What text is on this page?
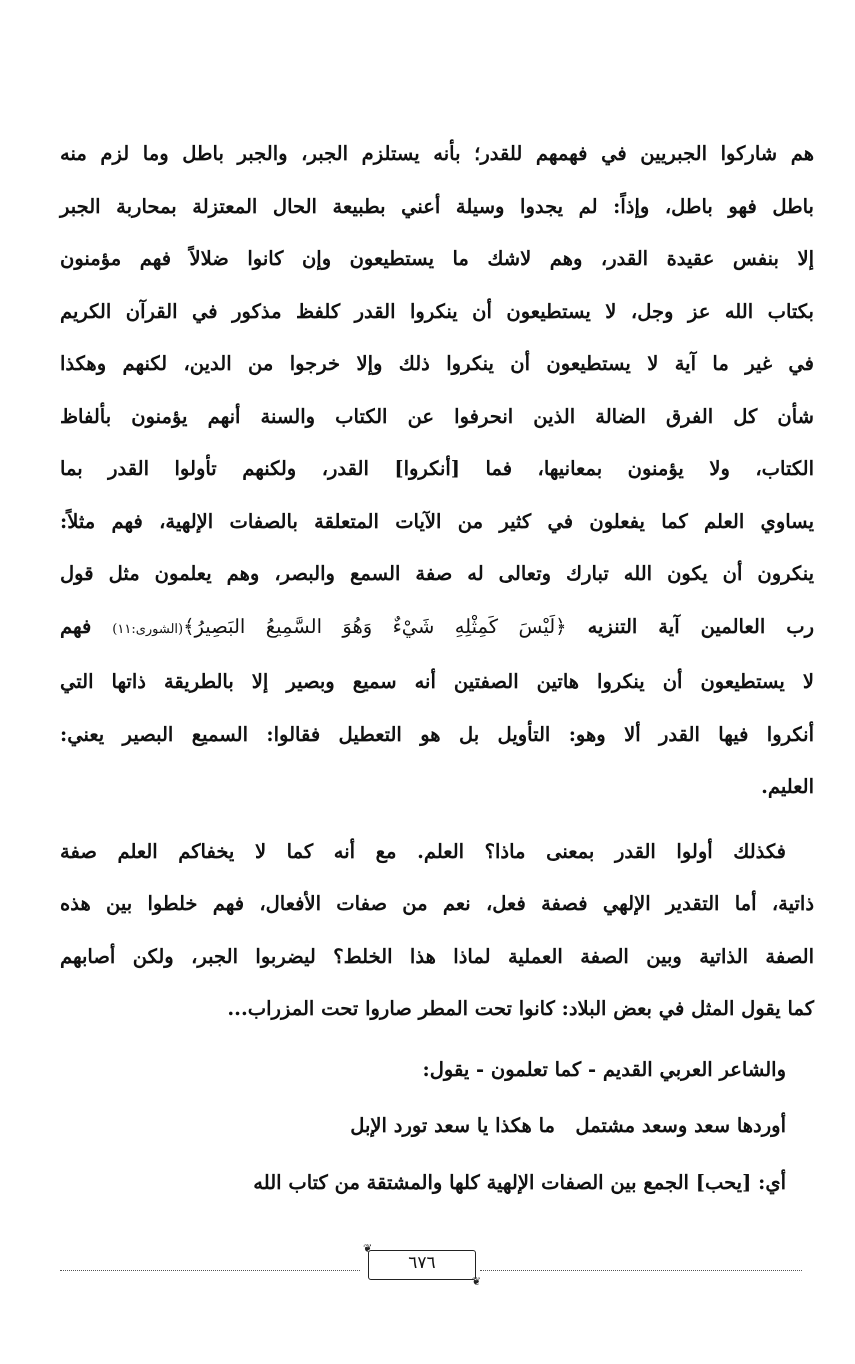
هم شاركوا الجبريين في فهمهم للقدر؛ بأنه يستلزم الجبر، والجبر باطل وما لزم منه
باطل فهو باطل، وإذاً: لم يجدوا وسيلة أعني بطبيعة الحال المعتزلة بمحاربة الجبر
إلا بنفس عقيدة القدر، وهم لاشك ما يستطيعون وإن كانوا ضلالاً فهم مؤمنون
بكتاب الله عز وجل، لا يستطيعون أن ينكروا القدر كلفظ مذكور في القرآن الكريم
في غير ما آية لا يستطيعون أن ينكروا ذلك وإلا خرجوا من الدين، لكنهم وهكذا
شأن كل الفرق الضالة الذين انحرفوا عن الكتاب والسنة أنهم يؤمنون بألفاظ
الكتاب، ولا يؤمنون بمعانيها، فما [أنكروا] القدر، ولكنهم تأولوا القدر بما
يساوي العلم كما يفعلون في كثير من الآيات المتعلقة بالصفات الإلهية، فهم مثلاً:
ينكرون أن يكون الله تبارك وتعالى له صفة السمع والبصر، وهم يعلمون مثل قول
رب العالمين آية التنزيه ﴿لَيْسَ كَمِثْلِهِ شَيْءٌ وَهُوَ السَّمِيعُ البَصِيرُ﴾(الشورى:١١) فهم
لا يستطيعون أن ينكروا هاتين الصفتين أنه سميع وبصير إلا بالطريقة ذاتها التي
أنكروا فيها القدر ألا وهو: التأويل بل هو التعطيل فقالوا: السميع البصير يعني:
العليم.

فكذلك أولوا القدر بمعنى ماذا؟ العلم. مع أنه كما لا يخفاكم العلم صفة
ذاتية، أما التقدير الإلهي فصفة فعل، نعم من صفات الأفعال، فهم خلطوا بين هذه
الصفة الذاتية وبين الصفة العملية لماذا هذا الخلط؟ ليضربوا الجبر، ولكن أصابهم
كما يقول المثل في بعض البلاد: كانوا تحت المطر صاروا تحت المزراب...

والشاعر العربي القديم - كما تعلمون - يقول:

أوردها سعد وسعد مشتمل   ما هكذا يا سعد تورد الإبل

أي: [يحب] الجمع بين الصفات الإلهية كلها والمشتقة من كتاب الله

❦
❦
٦٧٦
